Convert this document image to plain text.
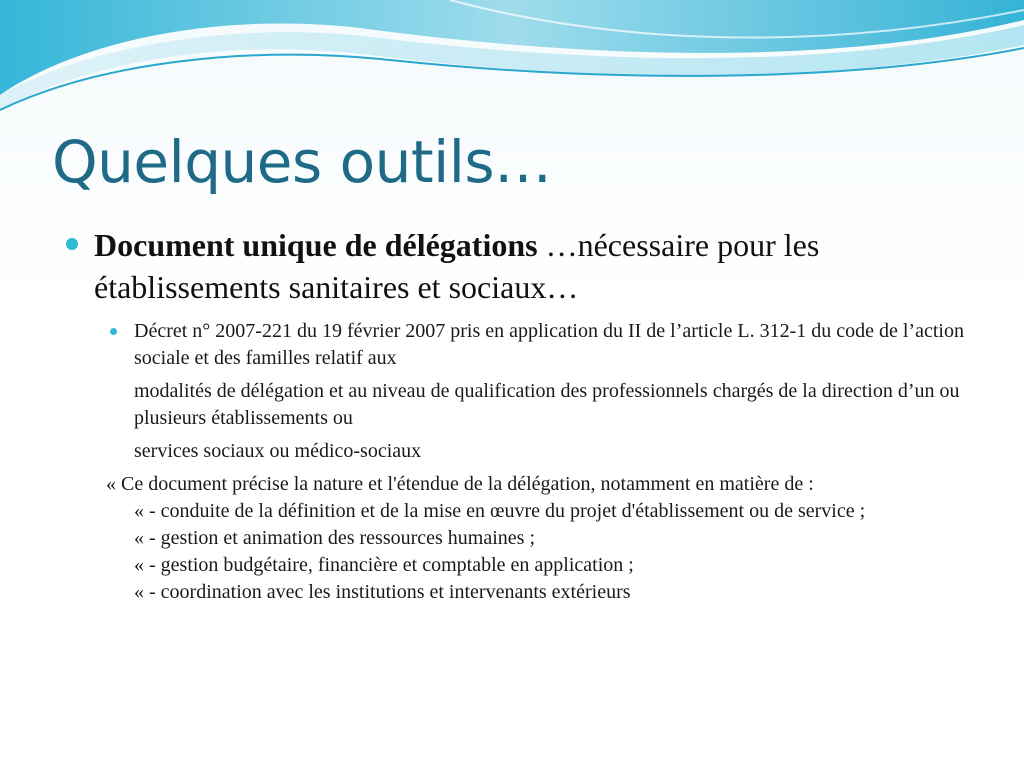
Quelques outils…
Document unique de délégations …nécessaire pour les établissements sanitaires et sociaux…

Décret n° 2007-221 du 19 février 2007 pris en application du II de l’article L. 312-1 du code de l’action sociale et des familles relatif aux

modalités de délégation et au niveau de qualification des professionnels chargés de la direction d’un ou plusieurs établissements ou

services sociaux ou médico-sociaux

« Ce document précise la nature et l'étendue de la délégation, notamment en matière de :
« - conduite de la définition et de la mise en œuvre du projet d'établissement ou de service ;
« - gestion et animation des ressources humaines ;
« - gestion budgétaire, financière et comptable en application ;
« - coordination avec les institutions et intervenants extérieurs
